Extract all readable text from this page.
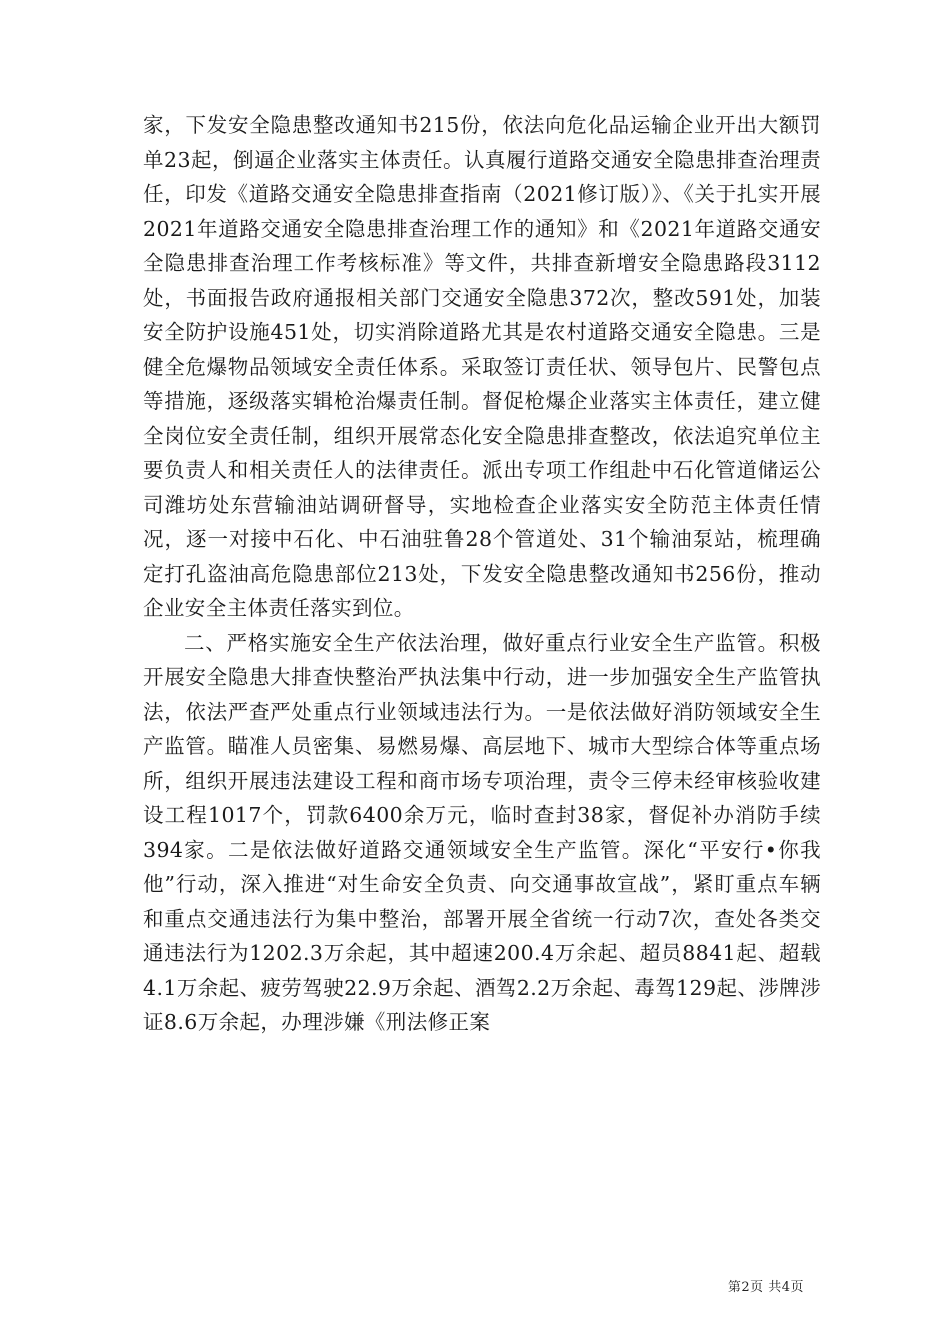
家，下发安全隐患整改通知书215份，依法向危化品运输企业开出大额罚单23起，倒逼企业落实主体责任。认真履行道路交通安全隐患排查治理责任，印发《道路交通安全隐患排查指南（2021修订版）》、《关于扎实开展2021年道路交通安全隐患排查治理工作的通知》和《2021年道路交通安全隐患排查治理工作考核标准》等文件，共排查新增安全隐患路段3112处，书面报告政府通报相关部门交通安全隐患372次，整改591处，加装安全防护设施451处，切实消除道路尤其是农村道路交通安全隐患。三是健全危爆物品领域安全责任体系。采取签订责任状、领导包片、民警包点等措施，逐级落实辑枪治爆责任制。督促枪爆企业落实主体责任，建立健全岗位安全责任制，组织开展常态化安全隐患排查整改，依法追究单位主要负责人和相关责任人的法律责任。派出专项工作组赴中石化管道储运公司潍坊处东营输油站调研督导，实地检查企业落实安全防范主体责任情况，逐一对接中石化、中石油驻鲁28个管道处、31个输油泵站，梳理确定打孔盗油高危隐患部位213处，下发安全隐患整改通知书256份，推动企业安全主体责任落实到位。

二、严格实施安全生产依法治理，做好重点行业安全生产监管。积极开展安全隐患大排查快整治严执法集中行动，进一步加强安全生产监管执法，依法严查严处重点行业领域违法行为。一是依法做好消防领域安全生产监管。瞄准人员密集、易燃易爆、高层地下、城市大型综合体等重点场所，组织开展违法建设工程和商市场专项治理，责令三停未经审核验收建设工程1017个，罚款6400余万元，临时查封38家，督促补办消防手续394家。二是依法做好道路交通领域安全生产监管。深化“平安行•你我他”行动，深入推进“对生命安全负责、向交通事故宣战”，紧盯重点车辆和重点交通违法行为集中整治，部署开展全省统一行动7次，查处各类交通违法行为1202.3万余起，其中超速200.4万余起、超员8841起、超载4.1万余起、疲劳驾驶22.9万余起、酒驾2.2万余起、毒驾129起、涉牌涉证8.6万余起，办理涉嫌《刑法修正案

第2页 共4页
